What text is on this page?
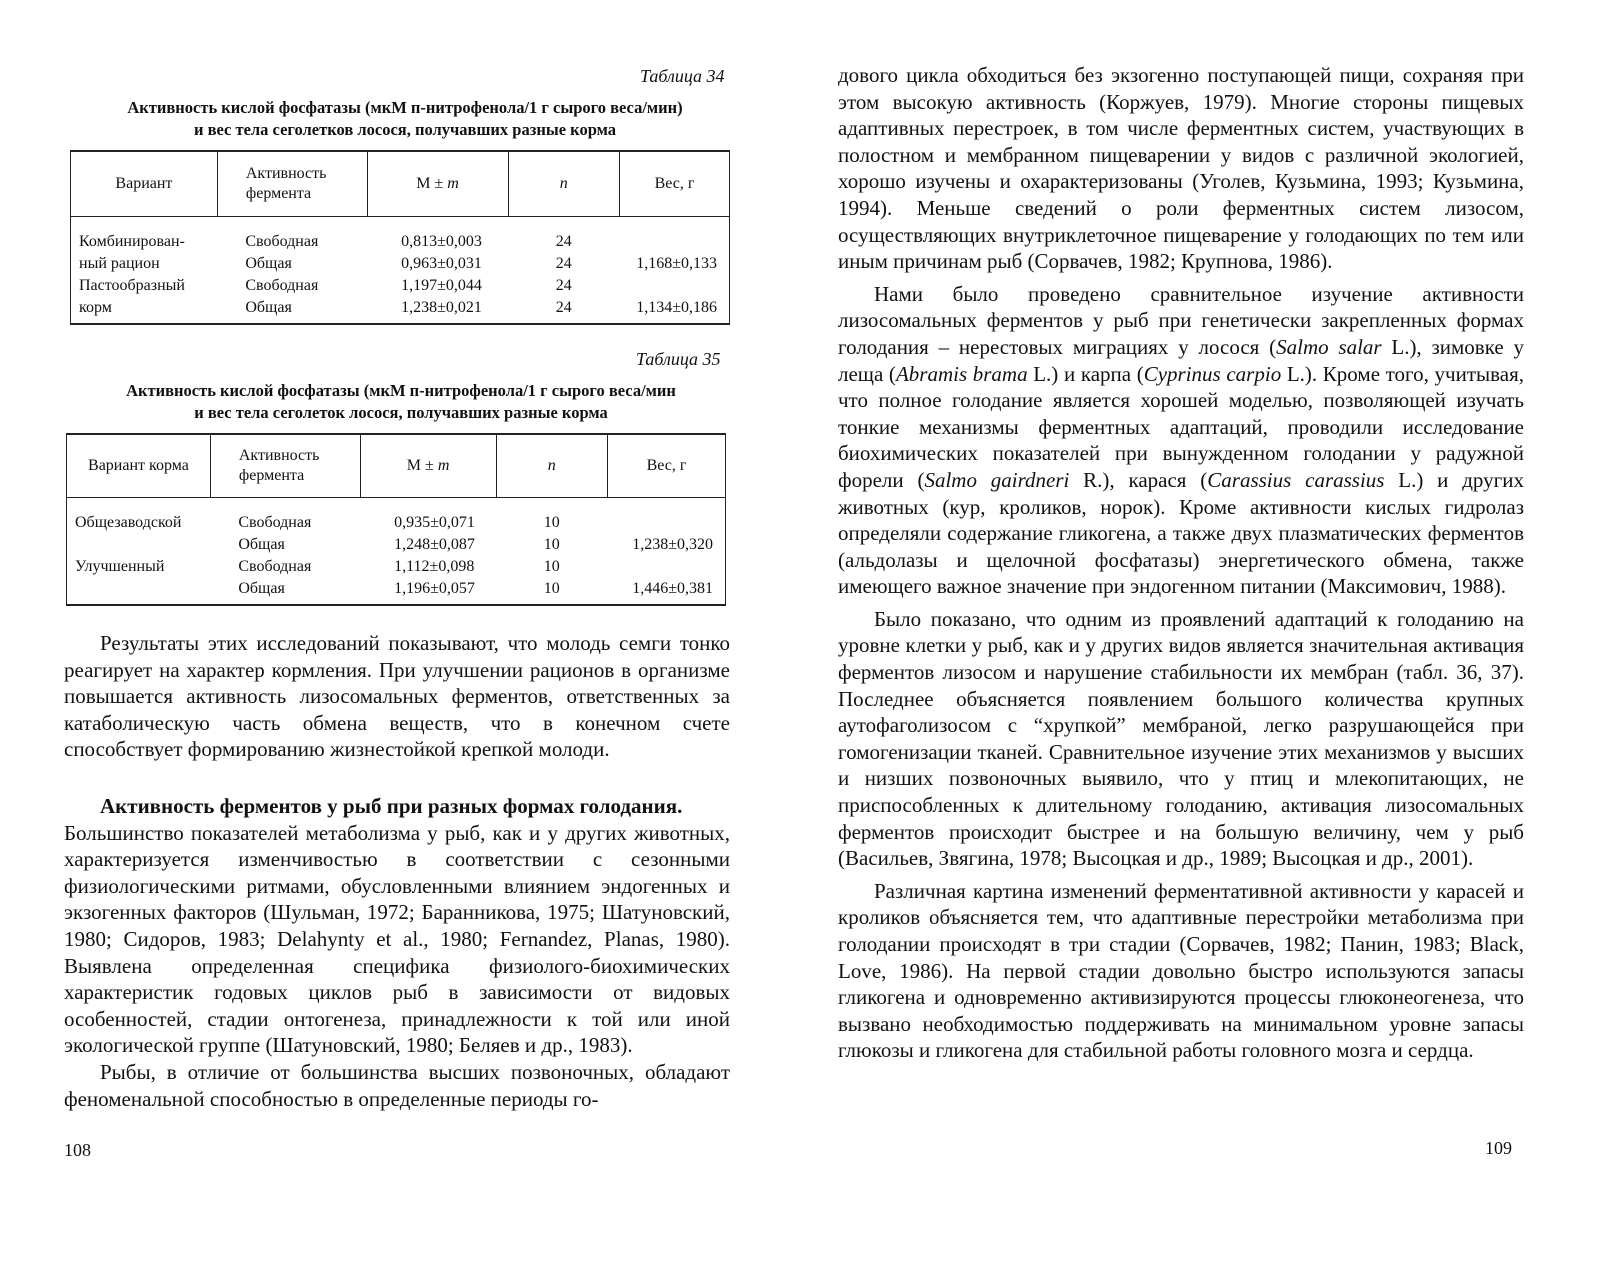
Таблица 34
Активность кислой фосфатазы (мкМ п-нитрофенола/1 г сырого веса/мин)
и вес тела сеголетков лосося, получавших разные корма
Вариант	Активность фермента	M ± m	n	Вес, г
Комбинирован-	Свободная	0,813±0,003	24	
ный рацион	Общая	0,963±0,031	24	1,168±0,133
Пастообразный	Свободная	1,197±0,044	24	
корм	Общая	1,238±0,021	24	1,134±0,186
Таблица 35
Активность кислой фосфатазы (мкМ п-нитрофенола/1 г сырого веса/мин
и вес тела сеголеток лосося, получавших разные корма
Вариант корма	Активность фермента	M ± m	n	Вес, г
Общезаводской	Свободная	0,935±0,071	10	
	Общая	1,248±0,087	10	1,238±0,320
Улучшенный	Свободная	1,112±0,098	10	
	Общая	1,196±0,057	10	1,446±0,381

Результаты этих исследований показывают, что молодь семги тонко реагирует на характер кормления. При улучшении рационов в организме повышается активность лизосомальных ферментов, ответственных за катаболическую часть обмена веществ, что в конечном счете способствует формированию жизнестойкой крепкой молоди.

Активность ферментов у рыб при разных формах голодания.

Большинство показателей метаболизма у рыб, как и у других животных, характеризуется изменчивостью в соответствии с сезонными физиологическими ритмами, обусловленными влиянием эндогенных и экзогенных факторов (Шульман, 1972; Баранникова, 1975; Шатуновский, 1980; Сидоров, 1983; Delahynty et al., 1980; Fernandez, Planas, 1980). Выявлена определенная специфика физиолого-биохимических характеристик годовых циклов рыб в зависимости от видовых особенностей, стадии онтогенеза, принадлежности к той или иной экологической группе (Шатуновский, 1980; Беляев и др., 1983).

Рыбы, в отличие от большинства высших позвоночных, обладают феноменальной способностью в определенные периоды го-

108

дового цикла обходиться без экзогенно поступающей пищи, сохраняя при этом высокую активность (Коржуев, 1979). Многие стороны пищевых адаптивных перестроек, в том числе ферментных систем, участвующих в полостном и мембранном пищеварении у видов с различной экологией, хорошо изучены и охарактеризованы (Уголев, Кузьмина, 1993; Кузьмина, 1994). Меньше сведений о роли ферментных систем лизосом, осуществляющих внутриклеточное пищеварение у голодающих по тем или иным причинам рыб (Сорвачев, 1982; Крупнова, 1986).

Нами было проведено сравнительное изучение активности лизосомальных ферментов у рыб при генетически закрепленных формах голодания – нерестовых миграциях у лосося (Salmo salar L.), зимовке у леща (Abramis brama L.) и карпа (Cyprinus carpio L.). Кроме того, учитывая, что полное голодание является хорошей моделью, позволяющей изучать тонкие механизмы ферментных адаптаций, проводили исследование биохимических показателей при вынужденном голодании у радужной форели (Salmo gairdneri R.), карася (Carassius carassius L.) и других животных (кур, кроликов, норок). Кроме активности кислых гидролаз определяли содержание гликогена, а также двух плазматических ферментов (альдолазы и щелочной фосфатазы) энергетического обмена, также имеющего важное значение при эндогенном питании (Максимович, 1988).

Было показано, что одним из проявлений адаптаций к голоданию на уровне клетки у рыб, как и у других видов является значительная активация ферментов лизосом и нарушение стабильности их мембран (табл. 36, 37). Последнее объясняется появлением большого количества крупных аутофаголизосом с “хрупкой” мембраной, легко разрушающейся при гомогенизации тканей. Сравнительное изучение этих механизмов у высших и низших позвоночных выявило, что у птиц и млекопитающих, не приспособленных к длительному голоданию, активация лизосомальных ферментов происходит быстрее и на большую величину, чем у рыб (Васильев, Звягина, 1978; Высоцкая и др., 1989; Высоцкая и др., 2001).

Различная картина изменений ферментативной активности у карасей и кроликов объясняется тем, что адаптивные перестройки метаболизма при голодании происходят в три стадии (Сорвачев, 1982; Панин, 1983; Black, Love, 1986). На первой стадии довольно быстро используются запасы гликогена и одновременно активизируются процессы глюконеогенеза, что вызвано необходимостью поддерживать на минимальном уровне запасы глюкозы и гликогена для стабильной работы головного мозга и сердца.

109
